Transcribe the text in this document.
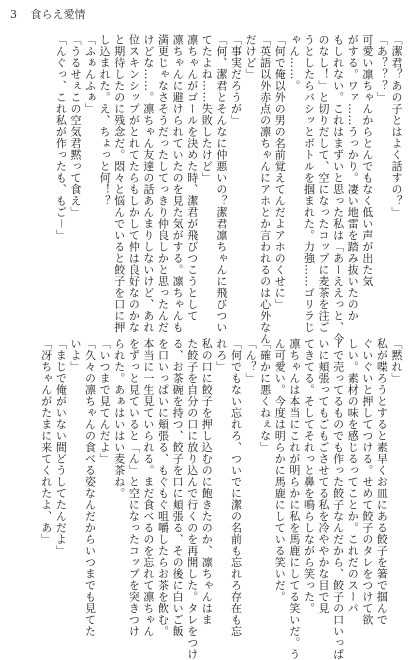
3 食らえ愛情

「潔君？あの子とはよく話すの？」

「あ？？？」

可愛い凛ちゃんからとんでもなく低い声が出た気

がする。ワァ……うっかり。凄い地雷を踏み抜いたのか

もしれない。これはまずいと思った私は「あーええっと、今

のなし！」と切りだして、空になったコップに麦茶を注ご

うとしたらバシッとボトルを掴まれた。力強……ゴリラじ

ゃん……。

「何で俺以外の男の名前覚えてんだよアホのくせに」

「英語以外赤点の凛ちゃんにアホとか言われるのは心外なん

だけど」

「事実だろうが」

「何、潔君とそんなに仲悪いの？潔君凛ちゃんに飛びつい

てたよね……失敗したけど」

凛ちゃんがゴールを決めた時、潔君が飛びつこうとして

凛ちゃんに避けられていたのを見た気がする。凛ちゃんも

満更じゃなさそうだったしてっきり仲良しかと思ったんだ

けどな……。凛ちゃん友達の話あんまりしないけど、あれ

位スキンシップがとれてたらもしかして仲は良好なのかな

と期待したのに残念だ。悶々と悩んでいると餃子を口に押

し込まれた。え、ちょっと何！？

「ふぁんふぁ」

「うるせぇこの空気君黙って食え」

「んぐっ、これ私が作ったも、もご－」

「黙れ」

私が喋ろうとすると素早くお皿にある餃子を箸で掴んで

ぐいぐいと押してつける。せめて餃子のタレをつけて欲

しい。素材の味を感じるってことか。これだのスーパ

ーで売ってるものでも作った餃子なんだから、餃子の口いっぱ

いに頬張ってもごもごさせてる私を冷ややかな目で見

てきてる。そしてそれっと鼻を鳴らしながら笑った。

凛ちゃんは本当にこれが明らかに私を馬鹿にしてる笑いだ。う

ん可愛い。今度は明らかに馬鹿にしている笑いだ。

「確かに悪くねぇな」

「ん？」

「何でもない忘れろ、ついでに潔の名前も忘れろ存在も忘

れろ」

私の口に餃子を押し込むのに飽きたのか、凛ちゃんはま

た餃子を自分の口に放り込んで行くのを再開した。タレをつけ

る、お茶碗を持つ、餃子を口に頬張る、その後に白いご飯

を口いっぱいに頬張る、もぐもぐ咀嚼したらお茶を飲む。

本当に一生見ていられる。まだ食べるのを忘れて凛ちゃん

をずっと見ていると「ん」と空になったコップを突きつけ

られた。あぁはいはい麦茶ね。

「いつまで見てんだよ」

「久々の凛ちゃんの食べる姿なんだからいつまでも見てた

いよ」

「まじで俺がいない間どうしてたんだよ」

「冴ちゃんがたまに来てくれたよ、あ」
